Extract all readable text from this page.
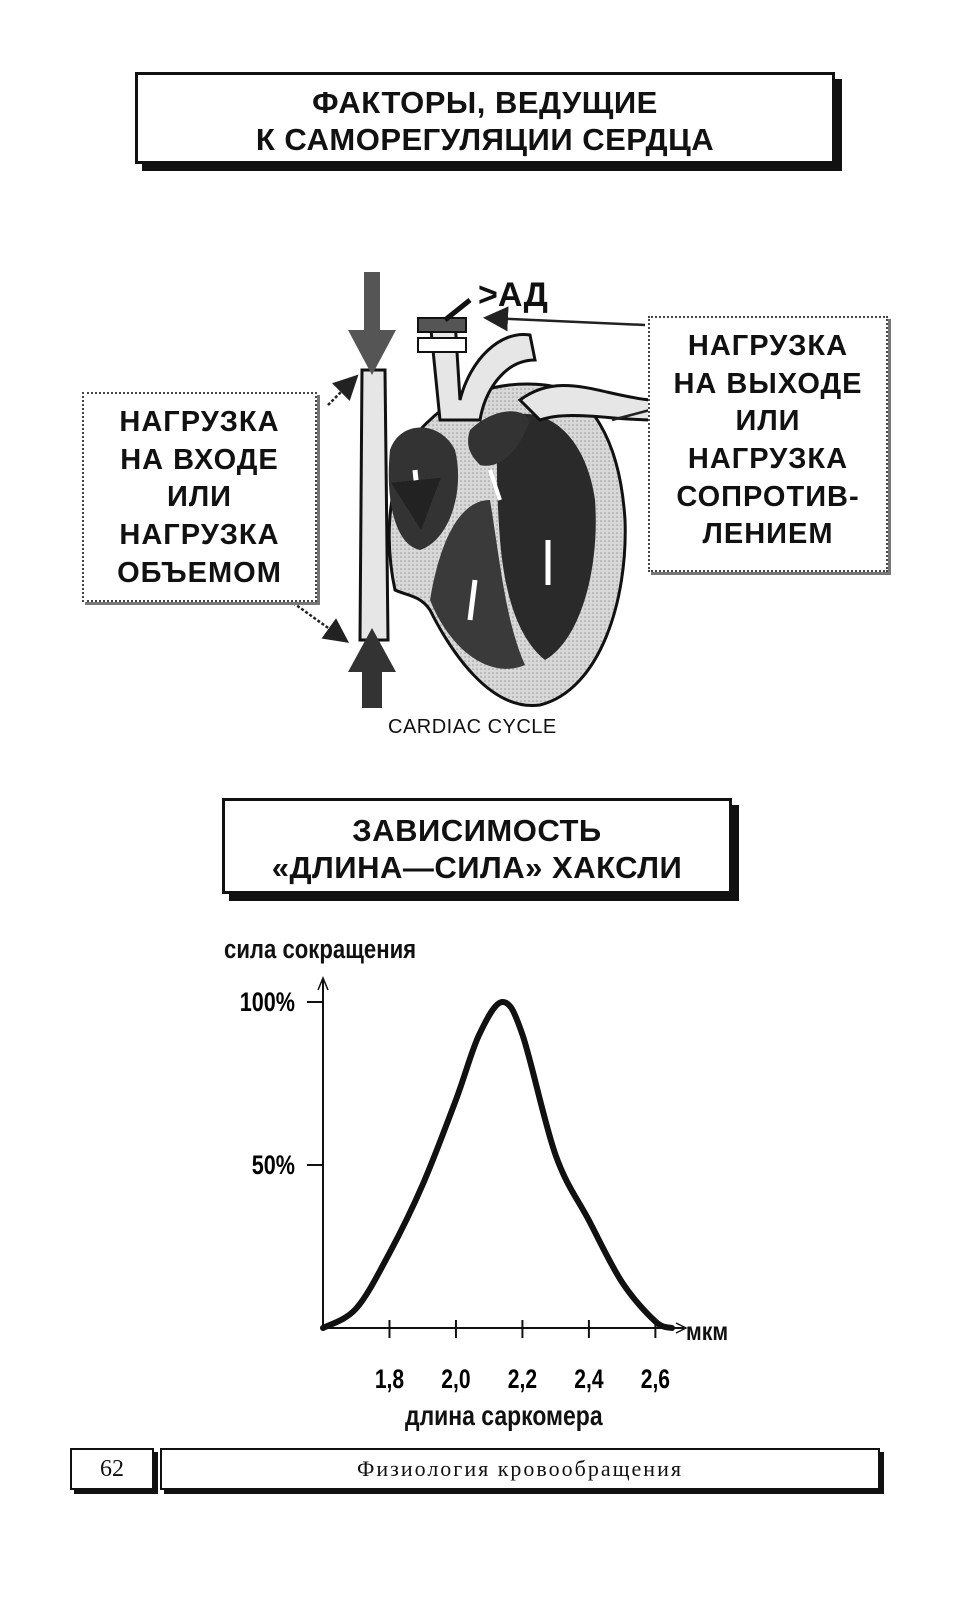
ФАКТОРЫ, ВЕДУЩИЕ
К САМОРЕГУЛЯЦИИ СЕРДЦА
>АД
НАГРУЗКА
НА ВХОДЕ
ИЛИ
НАГРУЗКА
ОБЪЕМОМ
НАГРУЗКА
НА ВЫХОДЕ
ИЛИ
НАГРУЗКА
СОПРОТИВ-
ЛЕНИЕМ
CARDIAC CYCLE
ЗАВИСИМОСТЬ
«ДЛИНА—СИЛА» ХАКСЛИ
сила сокращения
1,8 2,0 2,2 2,4 2,6
50%
100%
мкм
длина саркомера
62	Физиология кровообращения
